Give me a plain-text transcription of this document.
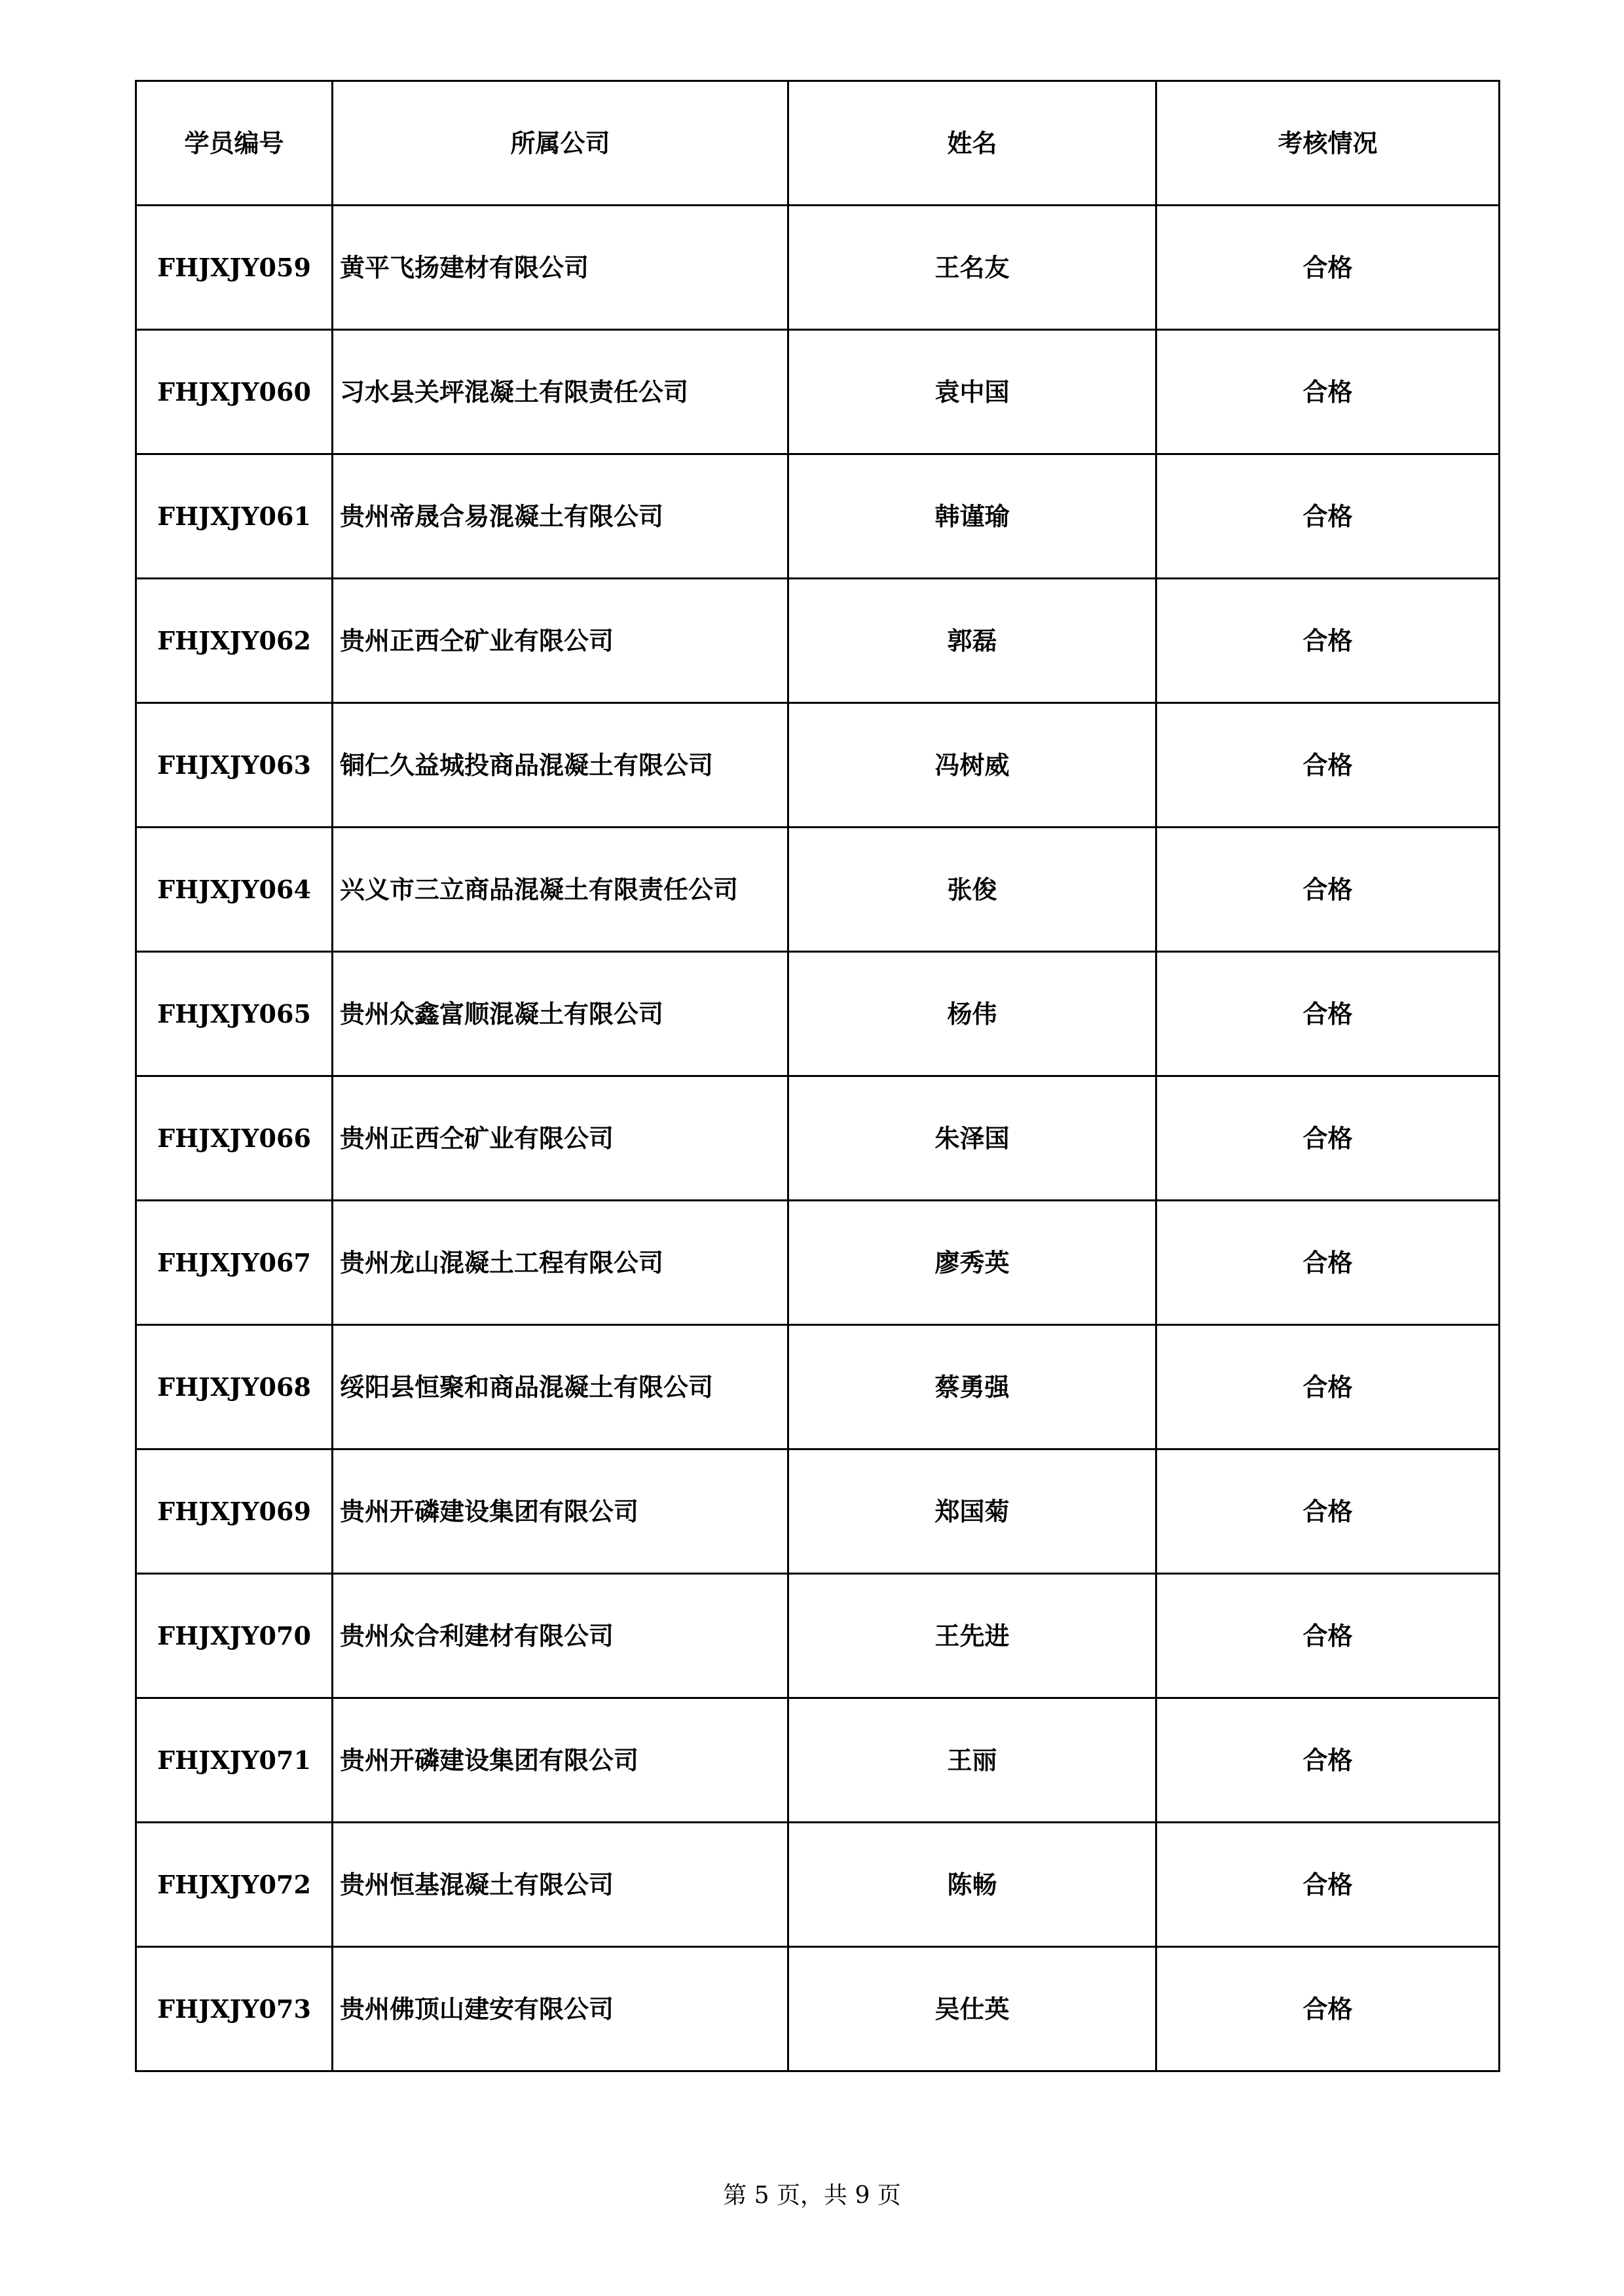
学员编号	所属公司	姓名	考核情况
FHJXJY059	黄平飞扬建材有限公司	王名友	合格
FHJXJY060	习水县关坪混凝土有限责任公司	袁中国	合格
FHJXJY061	贵州帝晟合易混凝土有限公司	韩谨瑜	合格
FHJXJY062	贵州正西仝矿业有限公司	郭磊	合格
FHJXJY063	铜仁久益城投商品混凝土有限公司	冯树威	合格
FHJXJY064	兴义市三立商品混凝土有限责任公司	张俊	合格
FHJXJY065	贵州众鑫富顺混凝土有限公司	杨伟	合格
FHJXJY066	贵州正西仝矿业有限公司	朱泽国	合格
FHJXJY067	贵州龙山混凝土工程有限公司	廖秀英	合格
FHJXJY068	绥阳县恒聚和商品混凝土有限公司	蔡勇强	合格
FHJXJY069	贵州开磷建设集团有限公司	郑国菊	合格
FHJXJY070	贵州众合利建材有限公司	王先进	合格
FHJXJY071	贵州开磷建设集团有限公司	王丽	合格
FHJXJY072	贵州恒基混凝土有限公司	陈畅	合格
FHJXJY073	贵州佛顶山建安有限公司	吴仕英	合格
第 5 页，共 9 页
